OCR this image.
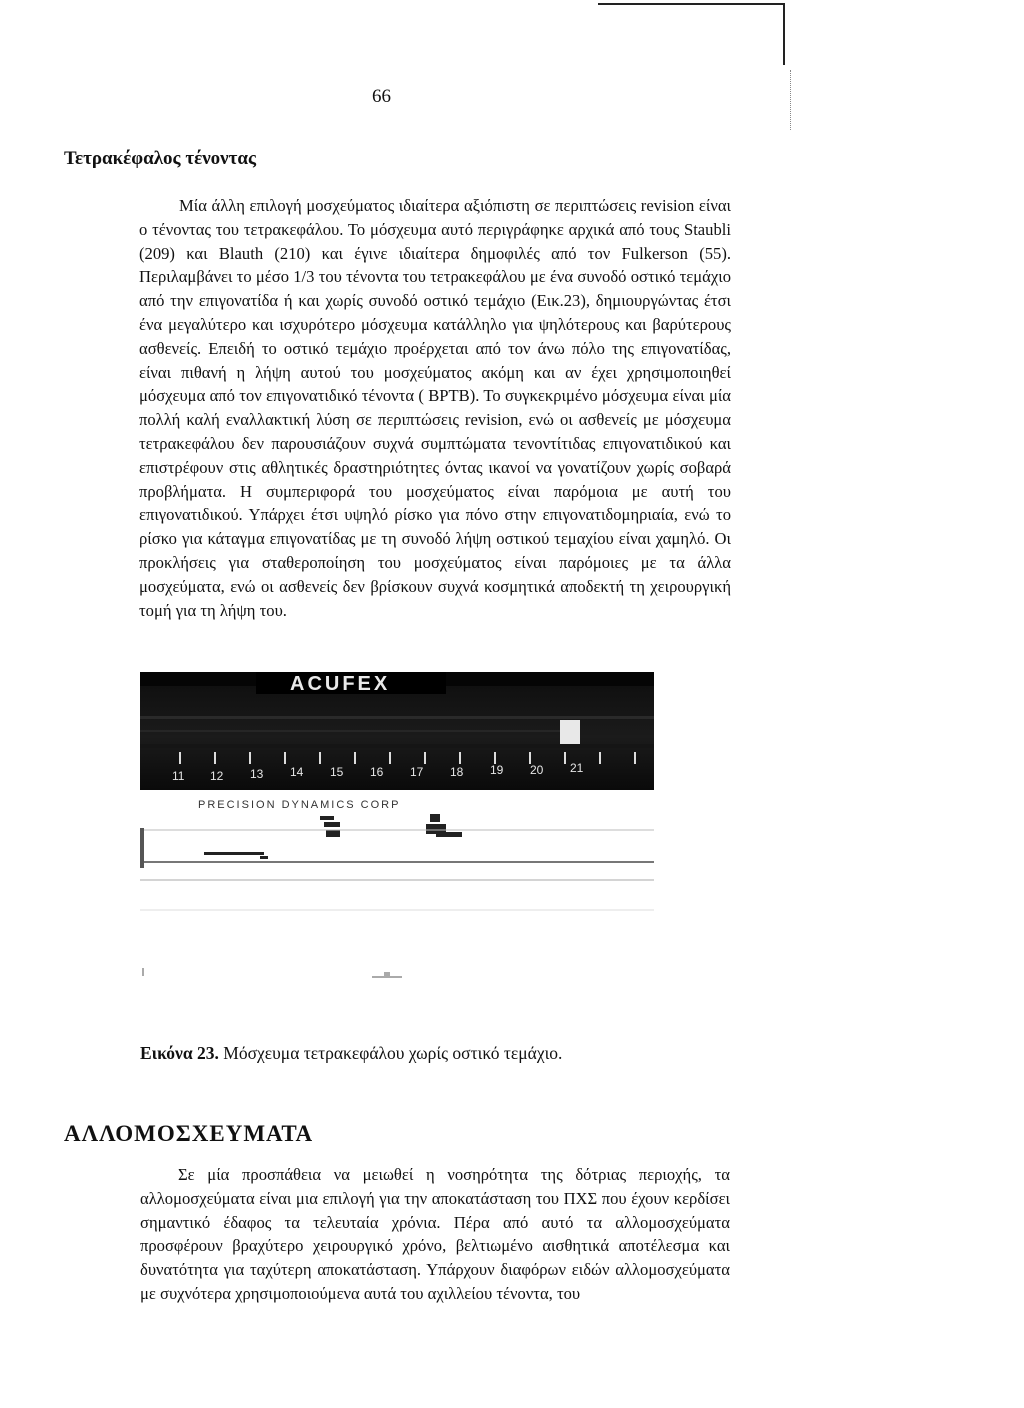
66
Τετρακέφαλος τένοντας

Μία άλλη επιλογή μοσχεύματος ιδιαίτερα αξιόπιστη σε περιπτώσεις revision είναι ο τένοντας του τετρακεφάλου. Το μόσχευμα αυτό περιγράφηκε αρχικά από τους Staubli (209) και Blauth (210) και έγινε ιδιαίτερα δημοφιλές από τον Fulkerson (55). Περιλαμβάνει το μέσο 1/3 του τένοντα του τετρακεφάλου με ένα συνοδό οστικό τεμάχιο από την επιγονατίδα ή και χωρίς συνοδό οστικό τεμάχιο (Εικ.23), δημιουργώντας έτσι ένα μεγαλύτερο και ισχυρότερο μόσχευμα κατάλληλο για ψηλότερους και βαρύτερους ασθενείς. Επειδή το οστικό τεμάχιο προέρχεται από τον άνω πόλο της επιγονατίδας, είναι πιθανή η λήψη αυτού του μοσχεύματος ακόμη και αν έχει χρησιμοποιηθεί μόσχευμα από τον επιγονατιδικό τένοντα ( BPTB). Το συγκεκριμένο μόσχευμα είναι μία πολλή καλή εναλλακτική λύση σε περιπτώσεις revision, ενώ οι ασθενείς με μόσχευμα τετρακεφάλου δεν παρουσιάζουν συχνά συμπτώματα τενοντίτιδας επιγονατιδικού και επιστρέφουν στις αθλητικές δραστηριότητες όντας ικανοί να γονατίζουν χωρίς σοβαρά προβλήματα. Η συμπεριφορά του μοσχεύματος είναι παρόμοια με αυτή του επιγονατιδικού. Υπάρχει έτσι υψηλό ρίσκο για πόνο στην επιγονατιδομηριαία, ενώ το ρίσκο για κάταγμα επιγονατίδας με τη συνοδό λήψη οστικού τεμαχίου είναι χαμηλό. Οι προκλήσεις για σταθεροποίηση του μοσχεύματος είναι παρόμοιες με τα άλλα μοσχεύματα, ενώ οι ασθενείς δεν βρίσκουν συχνά κοσμητικά αποδεκτή τη χειρουργική τομή για τη λήψη του.

ACUFEX
11 12 13 14 15 16 17 18 19 20 21
PRECISION DYNAMICS CORP
Εικόνα 23. Μόσχευμα τετρακεφάλου χωρίς οστικό τεμάχιο.
ΑΛΛΟΜΟΣΧΕΥΜΑΤΑ

Σε μία προσπάθεια να μειωθεί η νοσηρότητα της δότριας περιοχής, τα αλλομοσχεύματα είναι μια επιλογή για την αποκατάσταση του ΠΧΣ που έχουν κερδίσει σημαντικό έδαφος τα τελευταία χρόνια. Πέρα από αυτό τα αλλομοσχεύματα προσφέρουν βραχύτερο χειρουργικό χρόνο, βελτιωμένο αισθητικά αποτέλεσμα και δυνατότητα για ταχύτερη αποκατάσταση. Υπάρχουν διαφόρων ειδών αλλομοσχεύματα με συχνότερα χρησιμοποιούμενα αυτά του αχιλλείου τένοντα, του
